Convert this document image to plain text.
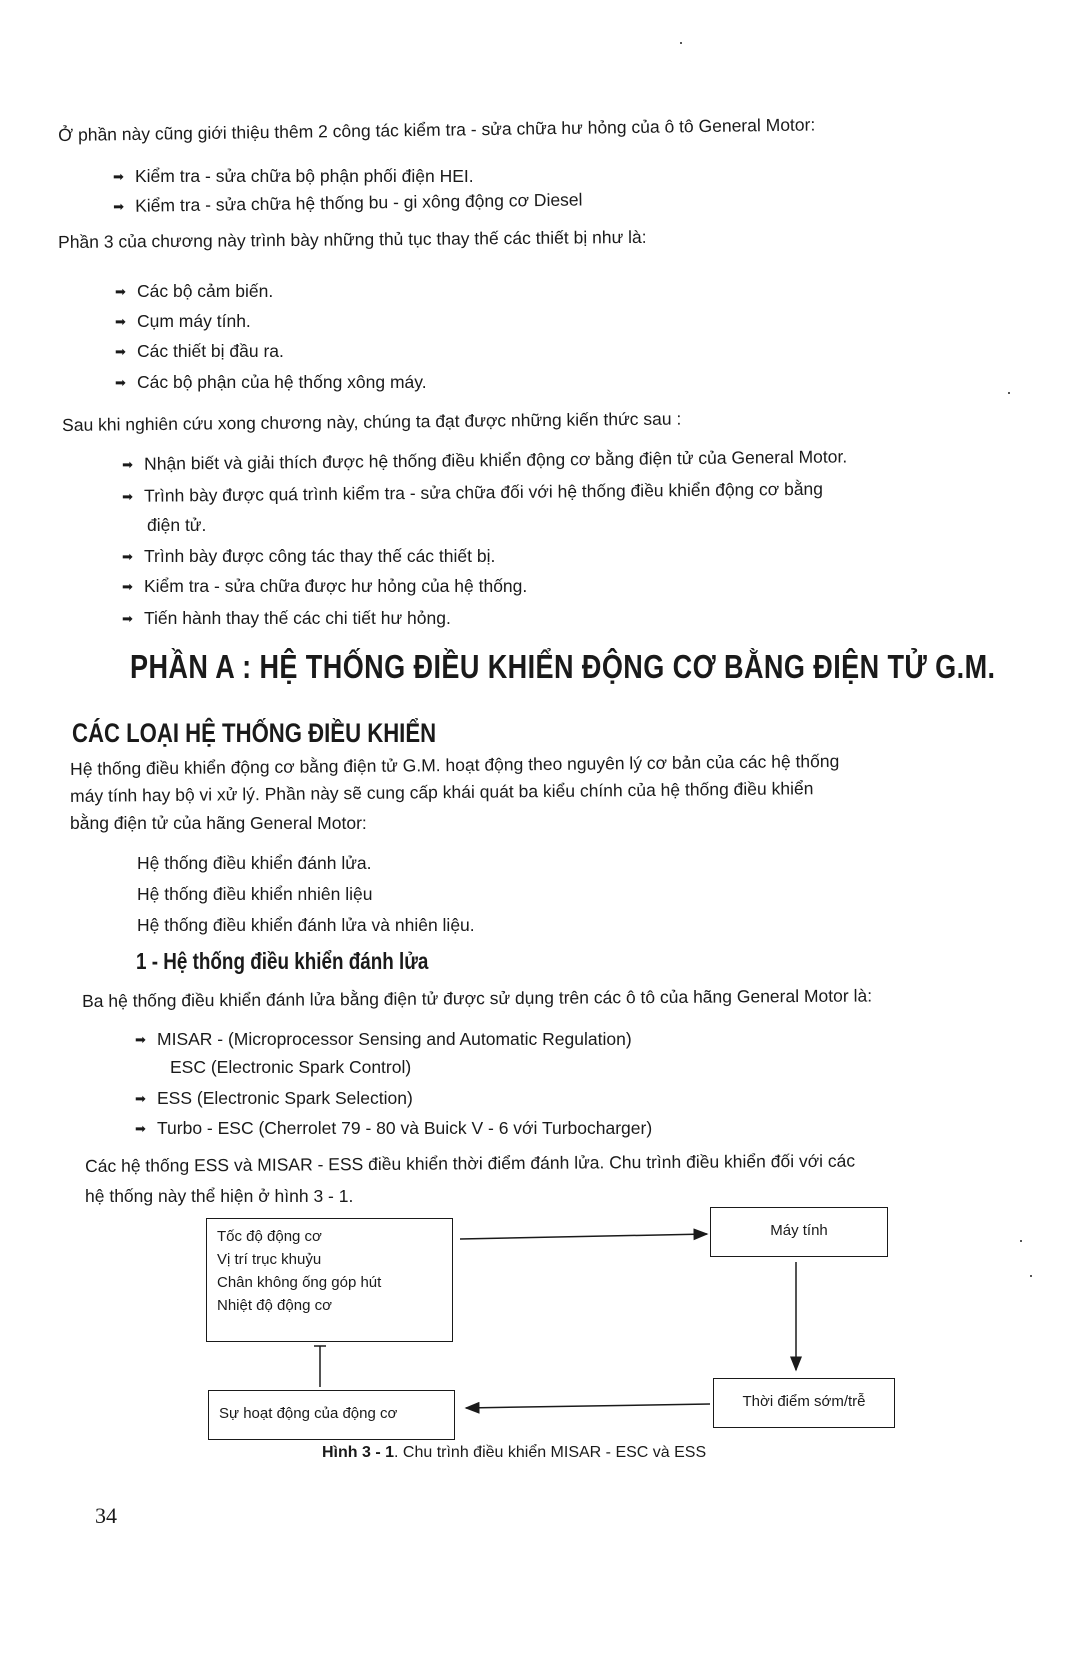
Ở phần này cũng giới thiệu thêm 2 công tác kiểm tra - sửa chữa hư hỏng của ô tô General Motor:
➡ Kiểm tra - sửa chữa bộ phận phối điện HEI.
➡ Kiểm tra - sửa chữa hệ thống bu - gi xông động cơ Diesel
Phần 3 của chương này trình bày những thủ tục thay thế các thiết bị như là:
➡ Các bộ cảm biến.
➡ Cụm máy tính.
➡ Các thiết bị đầu ra.
➡ Các bộ phận của hệ thống xông máy.
Sau khi nghiên cứu xong chương này, chúng ta đạt được những kiến thức sau :
➡ Nhận biết và giải thích được hệ thống điều khiển động cơ bằng điện tử của General Motor.
➡ Trình bày được quá trình kiểm tra - sửa chữa đối với hệ thống điều khiển động cơ bằng
điện tử.
➡ Trình bày được công tác thay thế các thiết bị.
➡ Kiểm tra - sửa chữa được hư hỏng của hệ thống.
➡ Tiến hành thay thế các chi tiết hư hỏng.
PHẦN A : HỆ THỐNG ĐIỀU KHIỂN ĐỘNG CƠ BẰNG ĐIỆN TỬ G.M.
CÁC LOẠI HỆ THỐNG ĐIỀU KHIỂN
Hệ thống điều khiển động cơ bằng điện tử G.M. hoạt động theo nguyên lý cơ bản của các hệ thống
máy tính hay bộ vi xử lý. Phần này sẽ cung cấp khái quát ba kiểu chính của hệ thống điều khiển
bằng điện tử của hãng General Motor:
Hệ thống điều khiển đánh lửa.
Hệ thống điều khiển nhiên liệu
Hệ thống điều khiển đánh lửa và nhiên liệu.
1 - Hệ thống điều khiển đánh lửa
Ba hệ thống điều khiển đánh lửa bằng điện tử được sử dụng trên các ô tô của hãng General Motor là:
➡ MISAR - (Microprocessor Sensing and Automatic Regulation)
ESC (Electronic Spark Control)
➡ ESS (Electronic Spark Selection)
➡ Turbo - ESC (Cherrolet 79 - 80 và Buick V - 6 với Turbocharger)
Các hệ thống ESS và MISAR - ESS điều khiển thời điểm đánh lửa. Chu trình điều khiển đối với các
hệ thống này thể hiện ở hình 3 - 1.
Tốc độ động cơ
Vị trí trục khuỷu
Chân không ống góp hút
Nhiệt độ động cơ
Máy tính
Thời điểm sớm/trễ
Sự hoạt động của động cơ
Hình 3 - 1. Chu trình điều khiển MISAR - ESC và ESS
34
